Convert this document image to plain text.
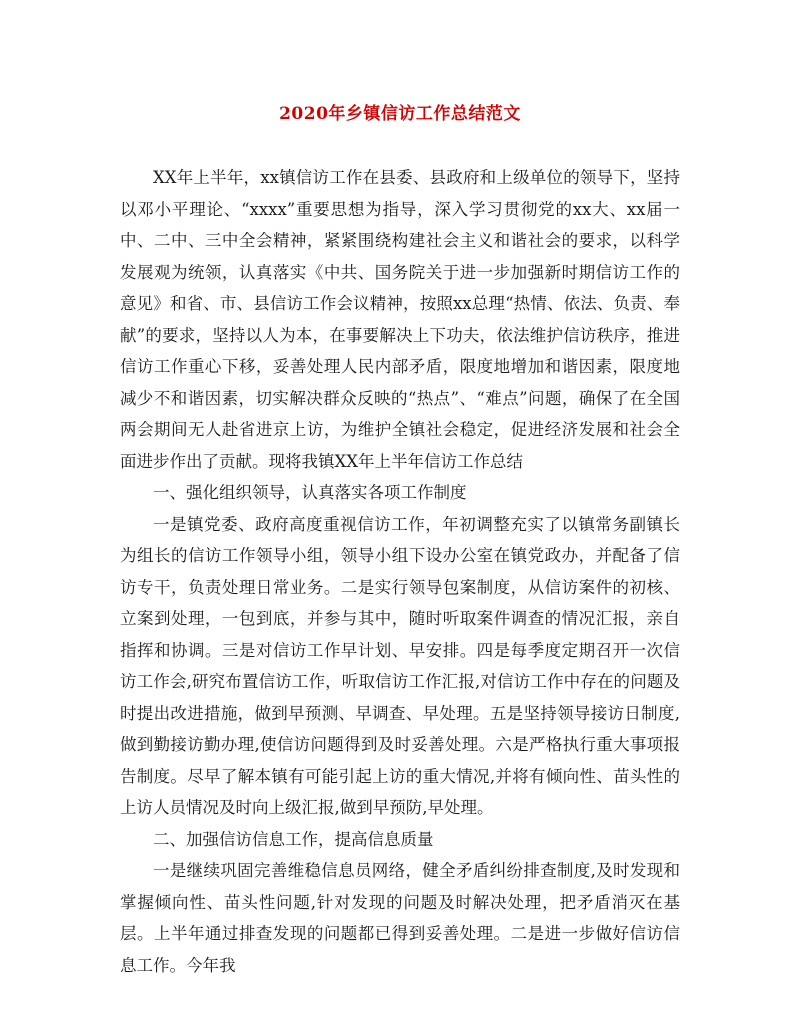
2020年乡镇信访工作总结范文

XX年上半年，xx镇信访工作在县委、县政府和上级单位的领导下，坚持以邓小平理论、“xxxx”重要思想为指导，深入学习贯彻党的xx大、xx届一中、二中、三中全会精神，紧紧围绕构建社会主义和谐社会的要求，以科学发展观为统领，认真落实《中共、国务院关于进一步加强新时期信访工作的意见》和省、市、县信访工作会议精神，按照xx总理“热情、依法、负责、奉献”的要求，坚持以人为本，在事要解决上下功夫，依法维护信访秩序，推进信访工作重心下移，妥善处理人民内部矛盾，限度地增加和谐因素，限度地减少不和谐因素，切实解决群众反映的“热点”、“难点”问题，确保了在全国两会期间无人赴省进京上访，为维护全镇社会稳定，促进经济发展和社会全面进步作出了贡献。现将我镇XX年上半年信访工作总结

一、强化组织领导，认真落实各项工作制度

一是镇党委、政府高度重视信访工作，年初调整充实了以镇常务副镇长为组长的信访工作领导小组，领导小组下设办公室在镇党政办，并配备了信访专干，负责处理日常业务。二是实行领导包案制度，从信访案件的初核、立案到处理，一包到底，并参与其中，随时听取案件调查的情况汇报，亲自指挥和协调。三是对信访工作早计划、早安排。四是每季度定期召开一次信访工作会,研究布置信访工作，听取信访工作汇报,对信访工作中存在的问题及时提出改进措施，做到早预测、早调查、早处理。五是坚持领导接访日制度,做到勤接访勤办理,使信访问题得到及时妥善处理。六是严格执行重大事项报告制度。尽早了解本镇有可能引起上访的重大情况,并将有倾向性、苗头性的上访人员情况及时向上级汇报,做到早预防,早处理。

二、加强信访信息工作，提高信息质量

一是继续巩固完善维稳信息员网络，健全矛盾纠纷排查制度,及时发现和掌握倾向性、苗头性问题,针对发现的问题及时解决处理，把矛盾消灭在基层。上半年通过排查发现的问题都已得到妥善处理。二是进一步做好信访信息工作。今年我
